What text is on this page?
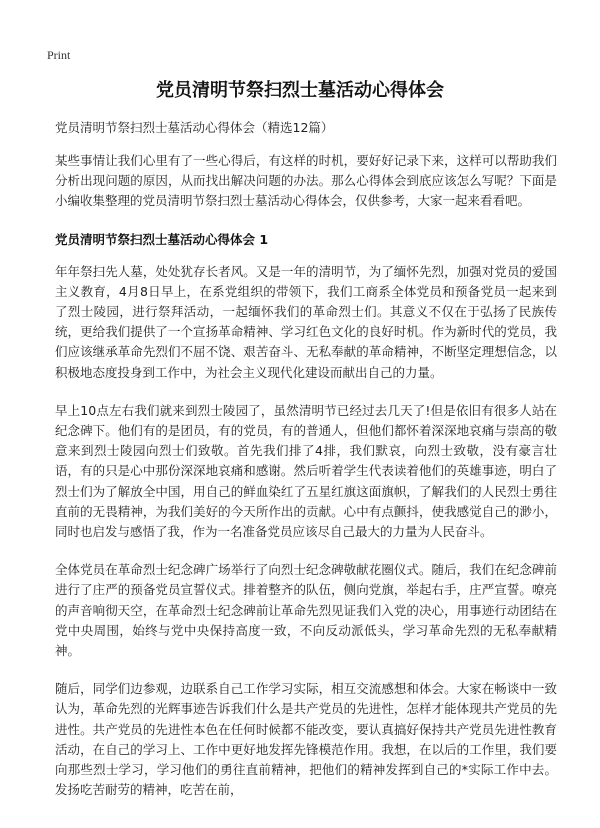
Print
党员清明节祭扫烈士墓活动心得体会

党员清明节祭扫烈士墓活动心得体会（精选12篇）

某些事情让我们心里有了一些心得后，有这样的时机，要好好记录下来，这样可以帮助我们分析出现问题的原因，从而找出解决问题的办法。那么心得体会到底应该怎么写呢？下面是小编收集整理的党员清明节祭扫烈士墓活动心得体会，仅供参考，大家一起来看看吧。

党员清明节祭扫烈士墓活动心得体会 1

年年祭扫先人墓，处处犹存长者风。又是一年的清明节，为了缅怀先烈，加强对党员的爱国主义教育，4月8日早上，在系党组织的带领下，我们工商系全体党员和预备党员一起来到了烈士陵园，进行祭拜活动，一起缅怀我们的革命烈士们。其意义不仅在于弘扬了民族传统，更给我们提供了一个宣扬革命精神、学习红色文化的良好时机。作为新时代的党员，我们应该继承革命先烈们不屈不饶、艰苦奋斗、无私奉献的革命精神，不断坚定理想信念，以积极地态度投身到工作中，为社会主义现代化建设而献出自己的力量。

早上10点左右我们就来到烈士陵园了，虽然清明节已经过去几天了!但是依旧有很多人站在纪念碑下。他们有的是团员，有的党员，有的普通人，但他们都怀着深深地哀痛与崇高的敬意来到烈士陵园向烈士们致敬。首先我们排了4排，我们默哀，向烈士致敬，没有豪言壮语，有的只是心中那份深深地哀痛和感谢。然后听着学生代表读着他们的英雄事迹，明白了烈士们为了解放全中国，用自己的鲜血染红了五星红旗这面旗帜，了解我们的人民烈士勇往直前的无畏精神，为我们美好的今天所作出的贡献。心中有点颤抖，使我感觉自己的渺小，同时也启发与感悟了我，作为一名准备党员应该尽自己最大的力量为人民奋斗。

全体党员在革命烈士纪念碑广场举行了向烈士纪念碑敬献花圈仪式。随后，我们在纪念碑前进行了庄严的预备党员宣誓仪式。排着整齐的队伍，侧向党旗，举起右手，庄严宣誓。嘹亮的声音响彻天空，在革命烈士纪念碑前让革命先烈见证我们入党的决心，用事迹行动团结在党中央周围，始终与党中央保持高度一致，不向反动派低头，学习革命先烈的无私奉献精神。

随后，同学们边参观，边联系自己工作学习实际，相互交流感想和体会。大家在畅谈中一致认为，革命先烈的光辉事迹告诉我们什么是共产党员的先进性，怎样才能体现共产党员的先进性。共产党员的先进性本色在任何时候都不能改变，要认真搞好保持共产党员先进性教育活动，在自己的学习上、工作中更好地发挥先锋模范作用。我想，在以后的工作里，我们要向那些烈士学习，学习他们的勇往直前精神，把他们的精神发挥到自己的*实际工作中去。发扬吃苦耐劳的精神，吃苦在前，
